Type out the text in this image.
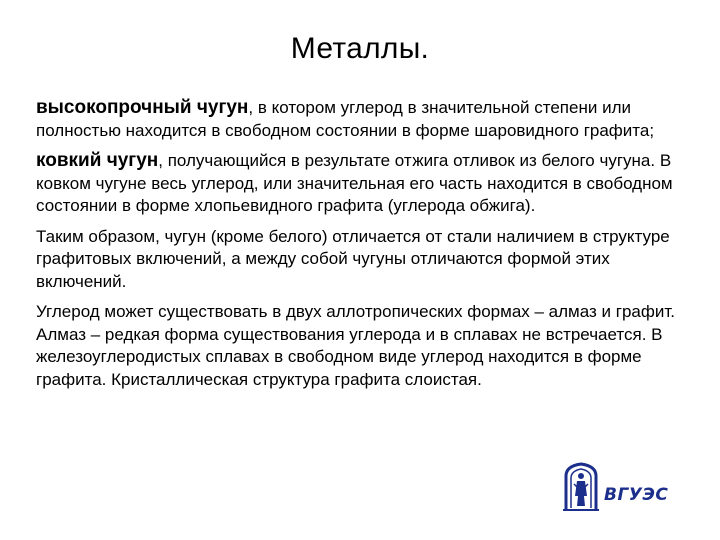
Металлы.

высокопрочный чугун, в котором углерод в значительной степени или полностью находится в свободном состоянии в форме шаровидного графита;

ковкий чугун, получающийся в результате отжига отливок из белого чугуна. В ковком чугуне весь углерод, или значительная его часть находится в свободном состоянии в форме хлопьевидного графита (углерода обжига).

Таким образом, чугун (кроме белого) отличается от стали наличием в структуре графитовых включений, а между собой чугуны отличаются формой этих включений.

Углерод может существовать в двух аллотропических формах – алмаз и графит. Алмаз – редкая форма существования углерода и в сплавах не встречается. В железоуглеродистых сплавах в свободном виде углерод находится в форме графита. Кристаллическая структура графита слоистая.

ВГУЭС
